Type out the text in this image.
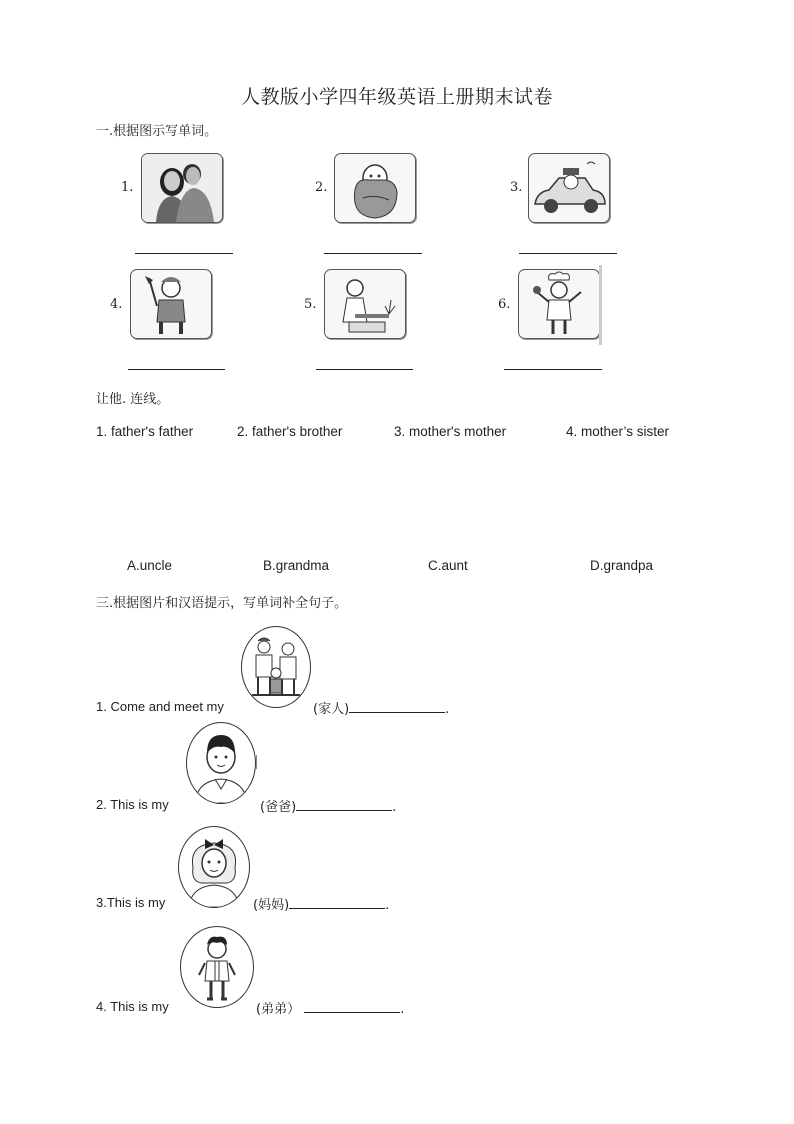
人教版小学四年级英语上册期末试卷
一.根据图示写单词。
1.	2.	3.
4.	5.	6.
让他. 连线。
1. father's father	2. father's brother	3. mother's mother	4. mother’s sister
A.uncle	B.grandma	C.aunt	D.grandpa
三.根据图片和汉语提示，写单词补全句子。
1. Come and meet my	(家人)	.
2. This is my	(爸爸)	.
3.This is my	(妈妈)	.
4. This is my	(弟弟）	.
